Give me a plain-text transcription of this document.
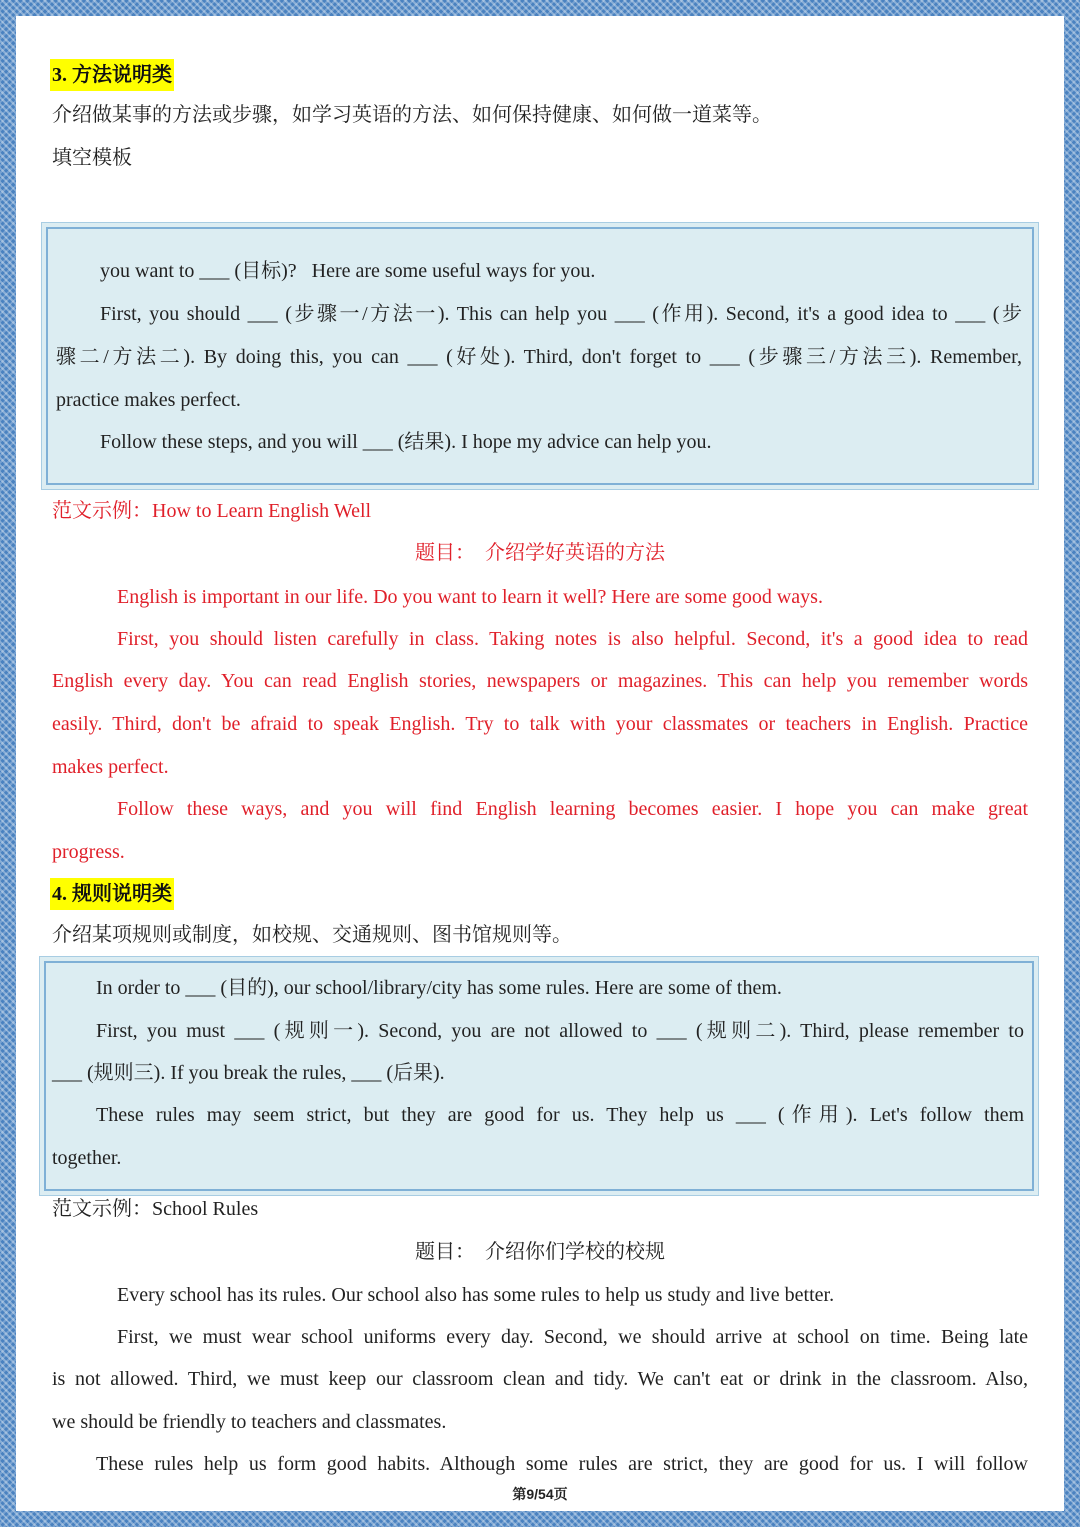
3. 方法说明类

介绍做某事的方法或步骤，如学习英语的方法、如何保持健康、如何做一道菜等。

填空模板

you want to ___ (目标)?   Here are some useful ways for you.

First, you should ___ (步骤一/方法一). This can help you ___ (作用). Second, it's a good idea to ___ (步

骤二/方法二). By doing this, you can ___ (好处). Third, don't forget to ___ (步骤三/方法三). Remember,

practice makes perfect.

Follow these steps, and you will ___ (结果). I hope my advice can help you.

范文示例：How to Learn English Well

题目：  介绍学好英语的方法

English is important in our life. Do you want to learn it well? Here are some good ways.

First, you should listen carefully in class. Taking notes is also helpful. Second, it's a good idea to read

English every day. You can read English stories, newspapers or magazines. This can help you remember words

easily. Third, don't be afraid to speak English. Try to talk with your classmates or teachers in English. Practice

makes perfect.

Follow these ways, and you will find English learning becomes easier. I hope you can make great

progress.

4. 规则说明类

介绍某项规则或制度，如校规、交通规则、图书馆规则等。

In order to ___ (目的), our school/library/city has some rules. Here are some of them.

First, you must ___ (规则一). Second, you are not allowed to ___ (规则二). Third, please remember to

___ (规则三). If you break the rules, ___ (后果).

These rules may seem strict, but they are good for us. They help us ___ (作用). Let's follow them

together.

范文示例：School Rules

题目：  介绍你们学校的校规

Every school has its rules. Our school also has some rules to help us study and live better.

First, we must wear school uniforms every day. Second, we should arrive at school on time. Being late

is not allowed. Third, we must keep our classroom clean and tidy. We can't eat or drink in the classroom. Also,

we should be friendly to teachers and classmates.

These rules help us form good habits. Although some rules are strict, they are good for us. I will follow

第9/54页
